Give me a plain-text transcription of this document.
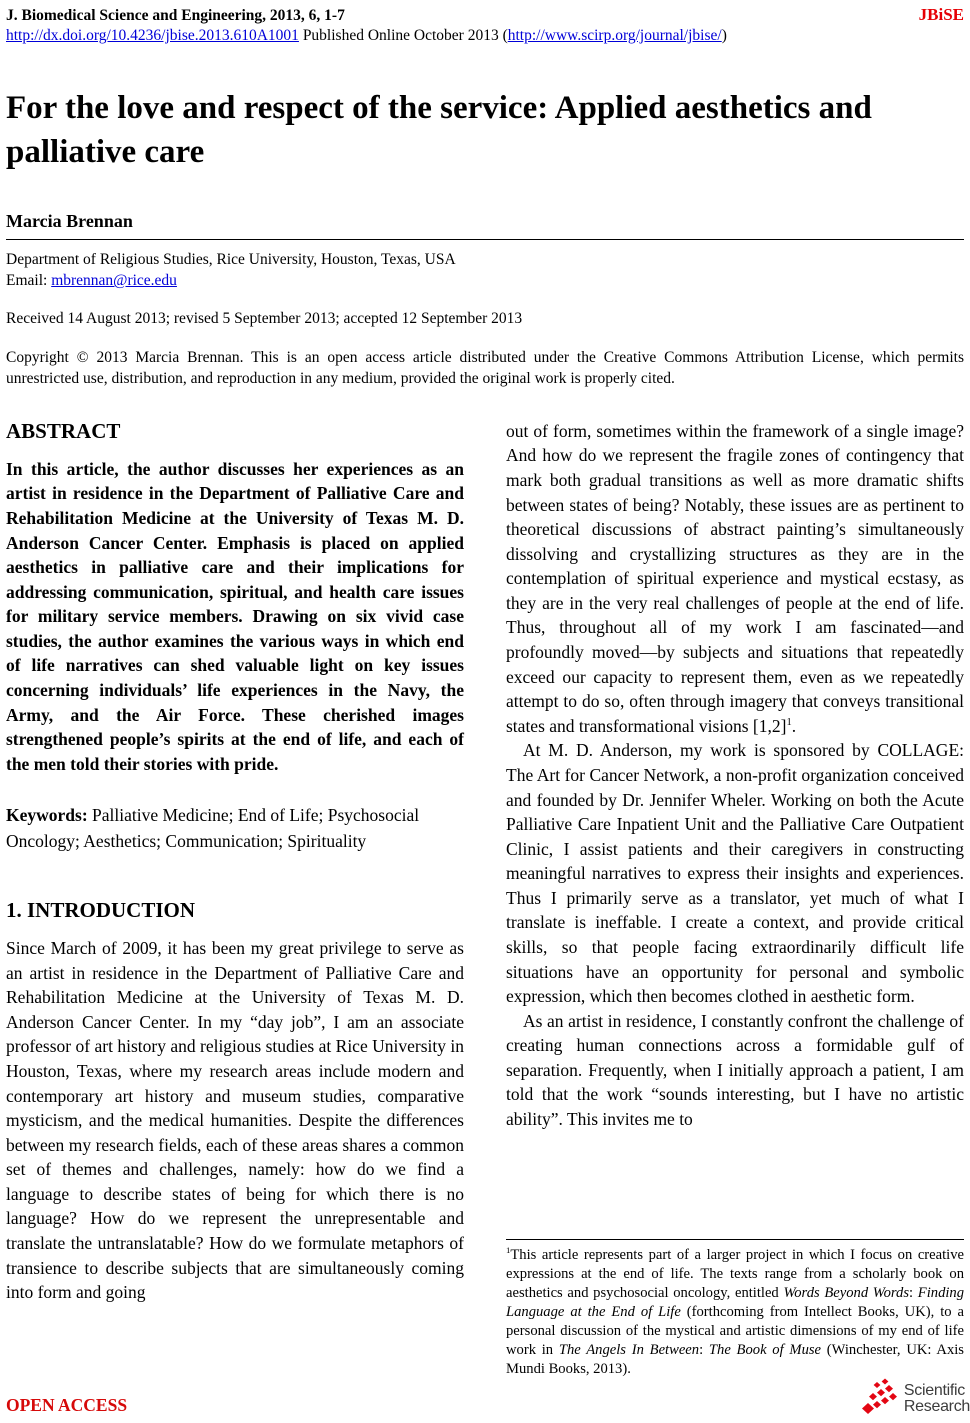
J. Biomedical Science and Engineering, 2013, 6, 1-7	JBiSE
http://dx.doi.org/10.4236/jbise.2013.610A1001 Published Online October 2013 (http://www.scirp.org/journal/jbise/)
For the love and respect of the service: Applied aesthetics and palliative care
Marcia Brennan
Department of Religious Studies, Rice University, Houston, Texas, USA
Email: mbrennan@rice.edu
Received 14 August 2013; revised 5 September 2013; accepted 12 September 2013
Copyright © 2013 Marcia Brennan. This is an open access article distributed under the Creative Commons Attribution License, which permits unrestricted use, distribution, and reproduction in any medium, provided the original work is properly cited.
ABSTRACT

In this article, the author discusses her experiences as an artist in residence in the Department of Palliative Care and Rehabilitation Medicine at the University of Texas M. D. Anderson Cancer Center. Emphasis is placed on applied aesthetics in palliative care and their implications for addressing communication, spiritual, and health care issues for military service members. Drawing on six vivid case studies, the author examines the various ways in which end of life narratives can shed valuable light on key issues concerning individuals’ life experiences in the Navy, the Army, and the Air Force. These cherished images strengthened people’s spirits at the end of life, and each of the men told their stories with pride.

Keywords: Palliative Medicine; End of Life; Psychosocial Oncology; Aesthetics; Communication; Spirituality

1. INTRODUCTION

Since March of 2009, it has been my great privilege to serve as an artist in residence in the Department of Palliative Care and Rehabilitation Medicine at the University of Texas M. D. Anderson Cancer Center. In my “day job”, I am an associate professor of art history and religious studies at Rice University in Houston, Texas, where my research areas include modern and contemporary art history and museum studies, comparative mysticism, and the medical humanities. Despite the differences between my research fields, each of these areas shares a common set of themes and challenges, namely: how do we find a language to describe states of being for which there is no language? How do we represent the unrepresentable and translate the untranslatable? How do we formulate metaphors of transience to describe subjects that are simultaneously coming into form and going

out of form, sometimes within the framework of a single image? And how do we represent the fragile zones of contingency that mark both gradual transitions as well as more dramatic shifts between states of being? Notably, these issues are as pertinent to theoretical discussions of abstract painting’s simultaneously dissolving and crystallizing structures as they are in the contemplation of spiritual experience and mystical ecstasy, as they are in the very real challenges of people at the end of life. Thus, throughout all of my work I am fascinated—and profoundly moved—by subjects and situations that repeatedly exceed our capacity to represent them, even as we repeatedly attempt to do so, often through imagery that conveys transitional states and transformational visions [1,2]$^1$.

At M. D. Anderson, my work is sponsored by COLLAGE: The Art for Cancer Network, a non-profit organization conceived and founded by Dr. Jennifer Wheler. Working on both the Acute Palliative Care Inpatient Unit and the Palliative Care Outpatient Clinic, I assist patients and their caregivers in constructing meaningful narratives to express their insights and experiences. Thus I primarily serve as a translator, yet much of what I translate is ineffable. I create a context, and provide critical skills, so that people facing extraordinarily difficult life situations have an opportunity for personal and symbolic expression, which then becomes clothed in aesthetic form.

As an artist in residence, I constantly confront the challenge of creating human connections across a formidable gulf of separation. Frequently, when I initially approach a patient, I am told that the work “sounds interesting, but I have no artistic ability”. This invites me to

$^1$This article represents part of a larger project in which I focus on creative expressions at the end of life. The texts range from a scholarly book on aesthetics and psychosocial oncology, entitled Words Beyond Words: Finding Language at the End of Life (forthcoming from Intellect Books, UK), to a personal discussion of the mystical and artistic dimensions of my end of life work in The Angels In Between: The Book of Muse (Winchester, UK: Axis Mundi Books, 2013).
OPEN ACCESS
Scientific
Research
